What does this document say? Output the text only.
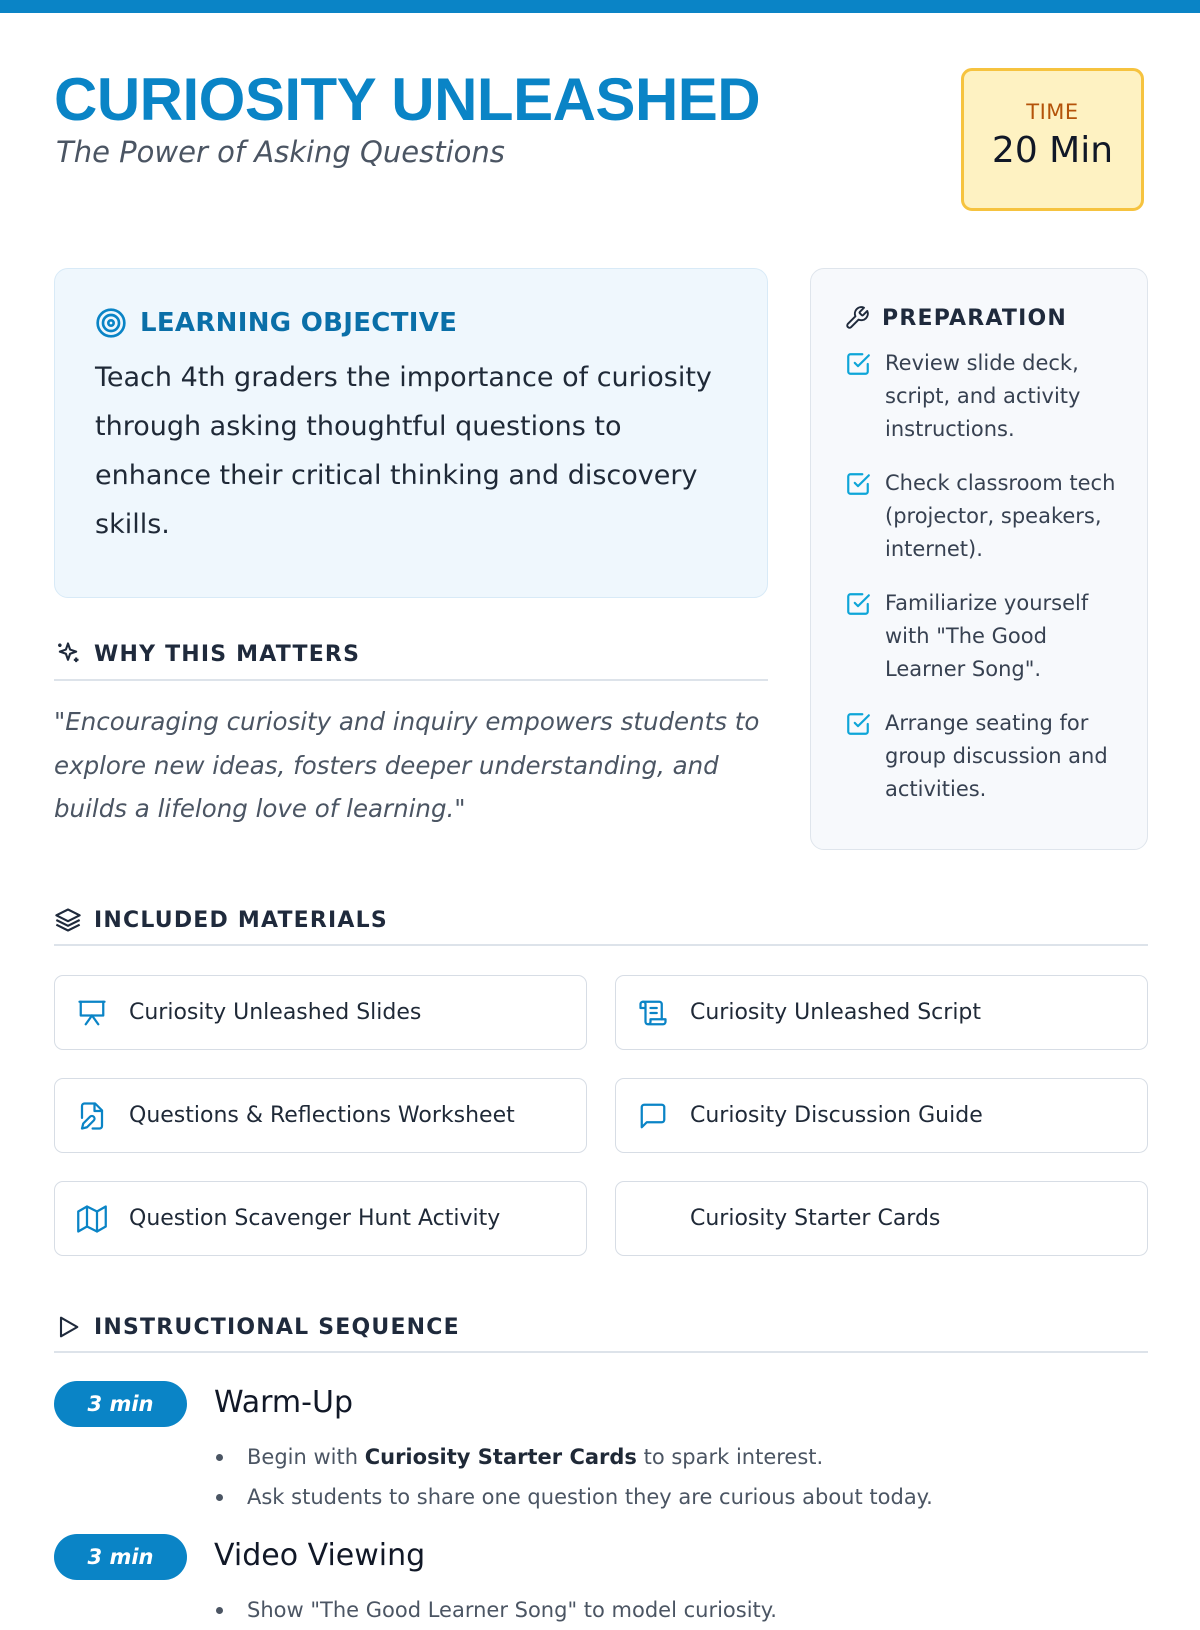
CURIOSITY UNLEASHED

The Power of Asking Questions

TIME
20 Min
LEARNING OBJECTIVE
Teach 4th graders the importance of curiosity through asking thoughtful questions to enhance their critical thinking and discovery skills.
WHY THIS MATTERS
"Encouraging curiosity and inquiry empowers students to explore new ideas, fosters deeper understanding, and builds a lifelong love of learning."
PREPARATION
Review slide deck, script, and activity instructions.
Check classroom tech (projector, speakers, internet).
Familiarize yourself with "The Good Learner Song".
Arrange seating for group discussion and activities.
INCLUDED MATERIALS
Curiosity Unleashed Slides	Curiosity Unleashed Script
Questions & Reflections Worksheet	Curiosity Discussion Guide
Question Scavenger Hunt Activity	Curiosity Starter Cards
INSTRUCTIONAL SEQUENCE
3 min	Warm-Up
Begin with Curiosity Starter Cards to spark interest.
Ask students to share one question they are curious about today.
3 min	Video Viewing
Show "The Good Learner Song" to model curiosity.
